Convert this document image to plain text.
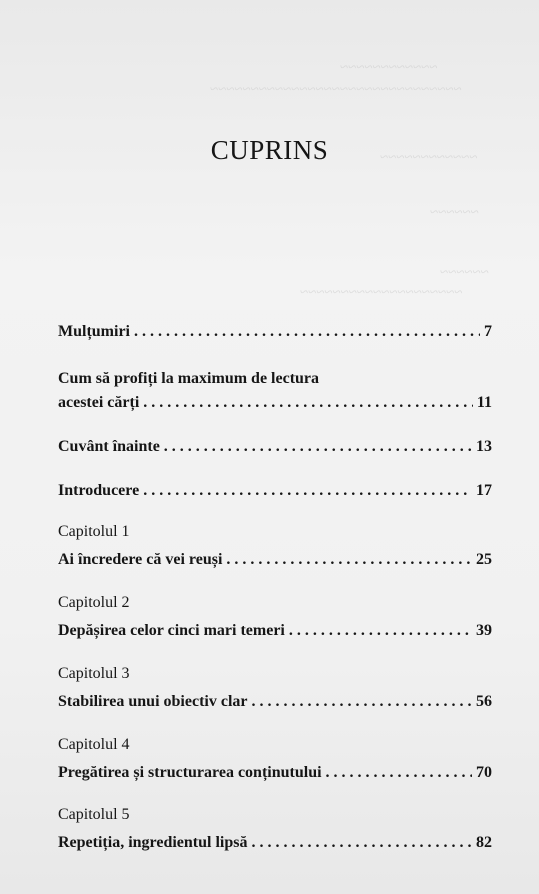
~~~~~~~~~~~~
~~~~~~~~~~~~~~~~~~~~~~~~~~~~~~~
~~~~~~~~~~~~
~~~~~~
~~~~~~
~~~~~~~~~~~~~~~~~~~~
CUPRINS
Mulțumiri . . .	7
Cum să profiți la maximum de lectura
acestei cărți . . .	11
Cuvânt înainte . . .	13
Introducere . . .	17
Capitolul 1
Ai încredere că vei reuși . . .	25
Capitolul 2
Depășirea celor cinci mari temeri . . .	39
Capitolul 3
Stabilirea unui obiectiv clar . . .	56
Capitolul 4
Pregătirea și structurarea conținutului . . .	70
Capitolul 5
Repetiția, ingredientul lipsă . . .	82
